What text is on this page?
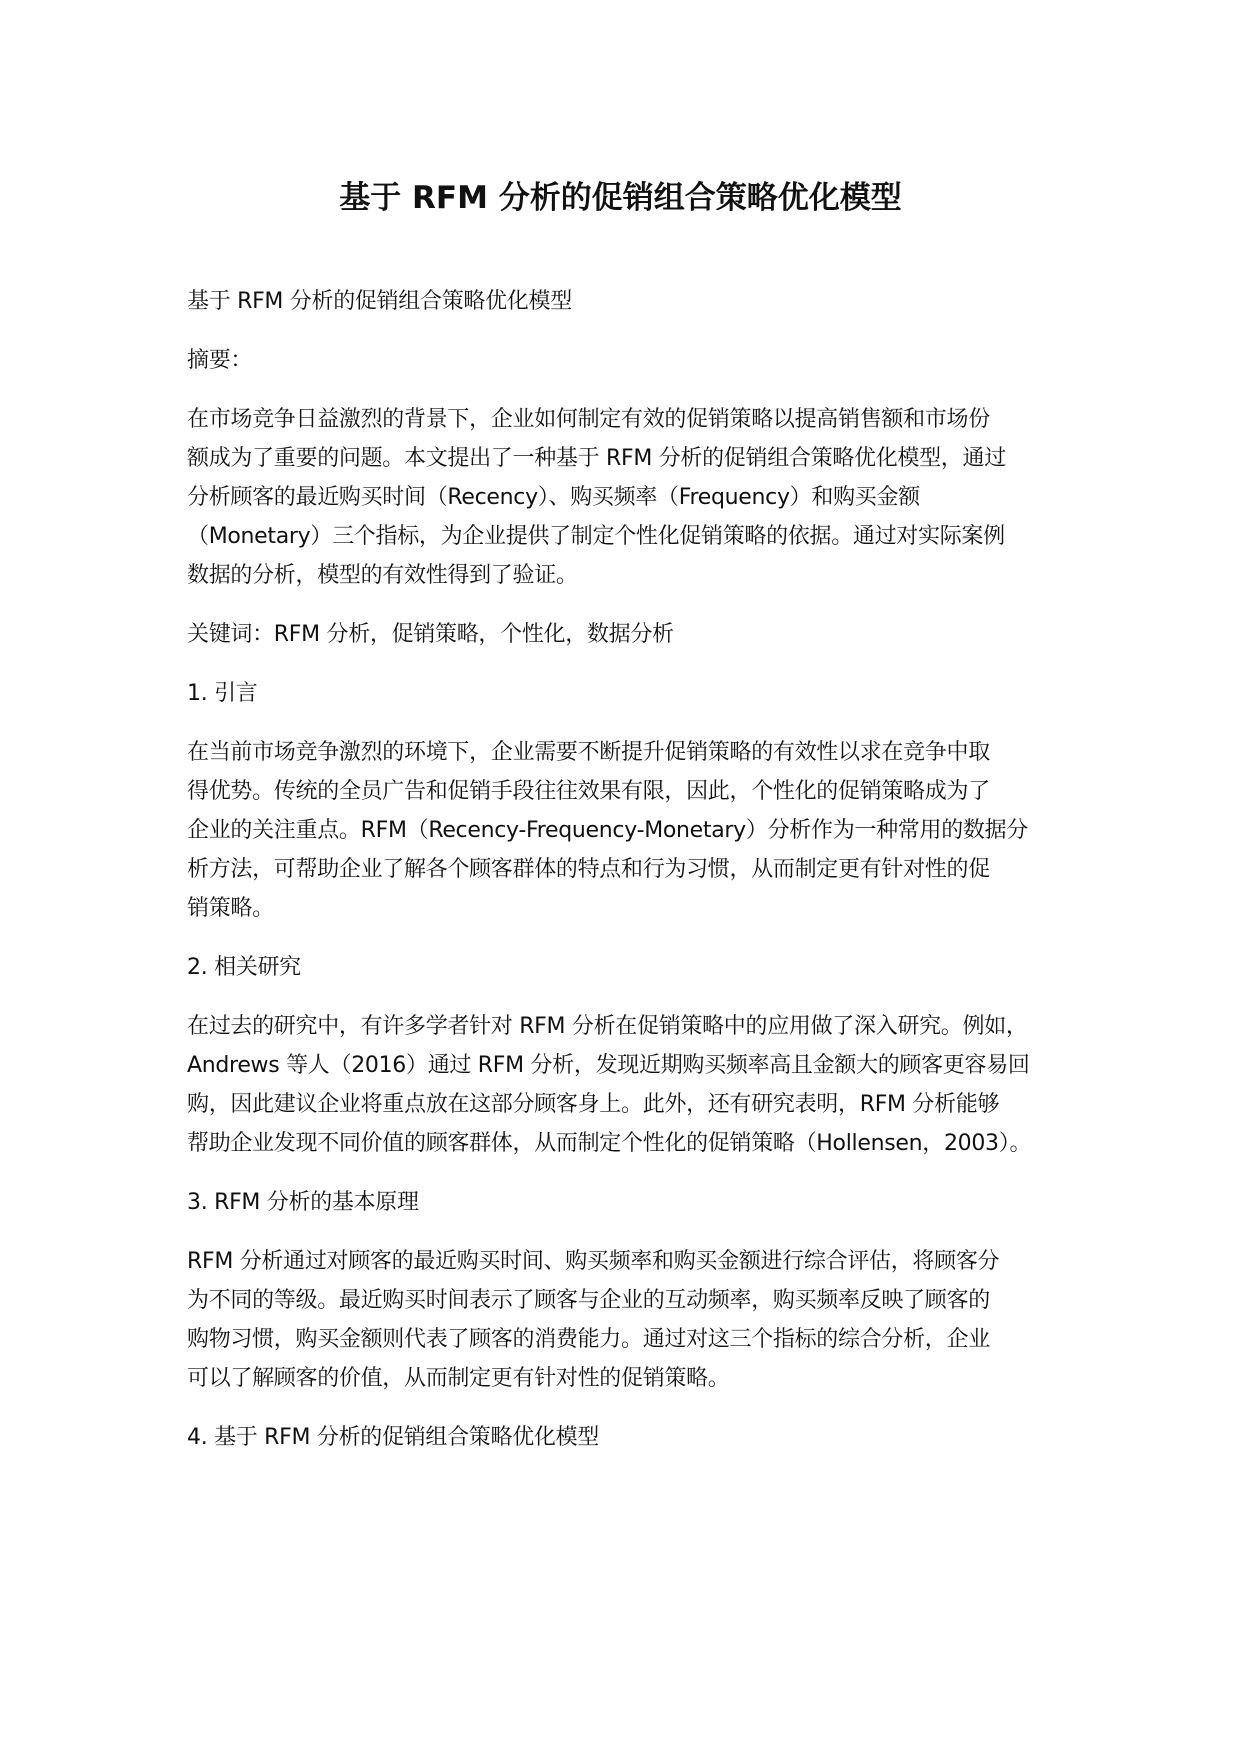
基于 RFM 分析的促销组合策略优化模型

基于 RFM 分析的促销组合策略优化模型

摘要：

在市场竞争日益激烈的背景下，企业如何制定有效的促销策略以提高销售额和市场份
额成为了重要的问题。本文提出了一种基于 RFM 分析的促销组合策略优化模型，通过
分析顾客的最近购买时间（Recency）、购买频率（Frequency）和购买金额
（Monetary）三个指标，为企业提供了制定个性化促销策略的依据。通过对实际案例
数据的分析，模型的有效性得到了验证。

关键词：RFM 分析，促销策略，个性化，数据分析

1. 引言

在当前市场竞争激烈的环境下，企业需要不断提升促销策略的有效性以求在竞争中取
得优势。传统的全员广告和促销手段往往效果有限，因此，个性化的促销策略成为了
企业的关注重点。RFM（Recency-Frequency-Monetary）分析作为一种常用的数据分
析方法，可帮助企业了解各个顾客群体的特点和行为习惯，从而制定更有针对性的促
销策略。

2. 相关研究

在过去的研究中，有许多学者针对 RFM 分析在促销策略中的应用做了深入研究。例如，
Andrews 等人（2016）通过 RFM 分析，发现近期购买频率高且金额大的顾客更容易回
购，因此建议企业将重点放在这部分顾客身上。此外，还有研究表明，RFM 分析能够
帮助企业发现不同价值的顾客群体，从而制定个性化的促销策略（Hollensen，2003）。

3. RFM 分析的基本原理

RFM 分析通过对顾客的最近购买时间、购买频率和购买金额进行综合评估，将顾客分
为不同的等级。最近购买时间表示了顾客与企业的互动频率，购买频率反映了顾客的
购物习惯，购买金额则代表了顾客的消费能力。通过对这三个指标的综合分析，企业
可以了解顾客的价值，从而制定更有针对性的促销策略。

4. 基于 RFM 分析的促销组合策略优化模型
